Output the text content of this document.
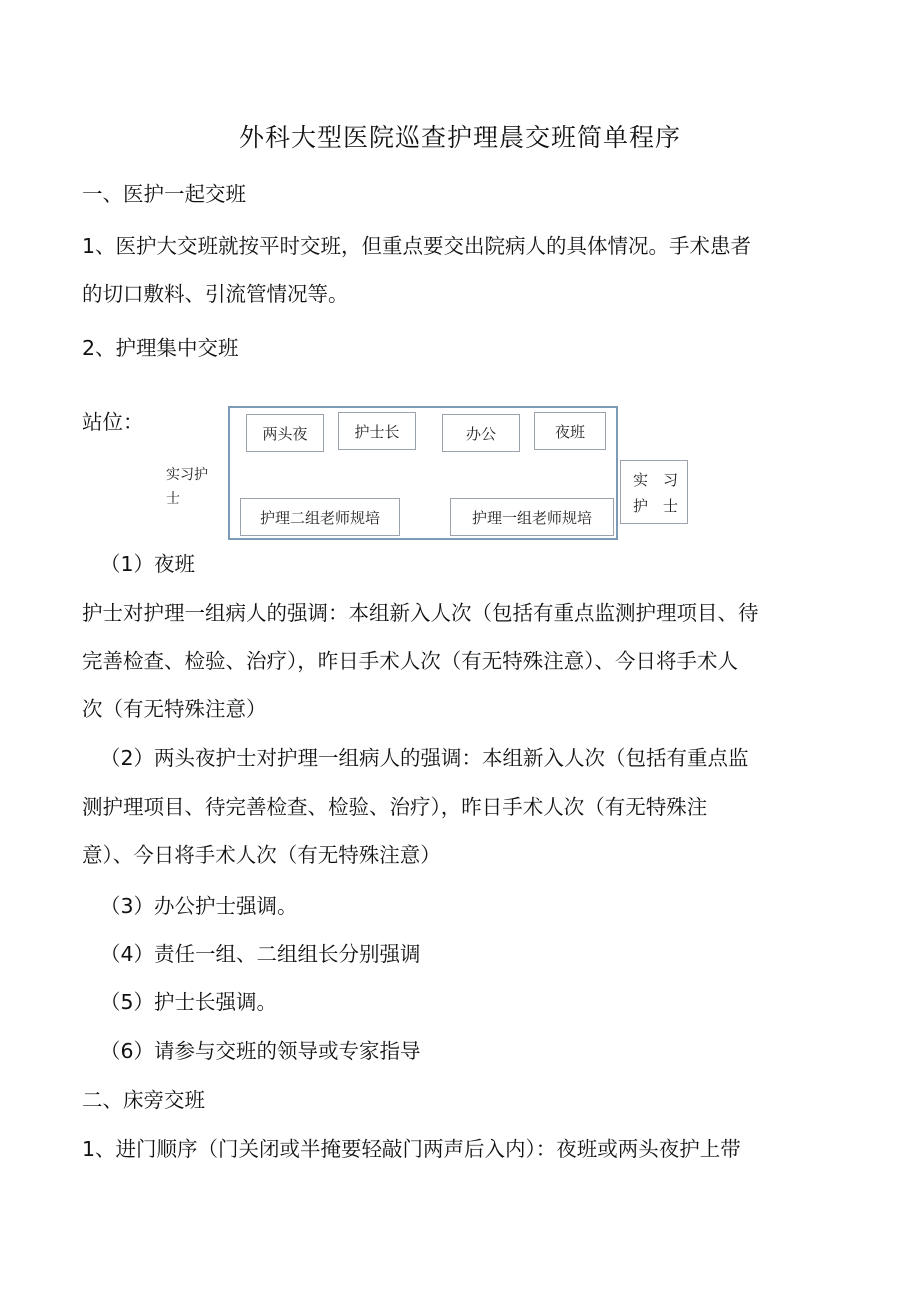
外科大型医院巡查护理晨交班简单程序
一、医护一起交班
1、医护大交班就按平时交班，但重点要交出院病人的具体情况。手术患者
的切口敷料、引流管情况等。
2、护理集中交班
站位：
实习护
士
两头夜	护士长	办公	夜班
护理二组老师规培	护理一组老师规培
实 习
护 士
（1）夜班
护士对护理一组病人的强调：本组新入人次（包括有重点监测护理项目、待
完善检查、检验、治疗），昨日手术人次（有无特殊注意）、今日将手术人
次（有无特殊注意）
（2）两头夜护士对护理一组病人的强调：本组新入人次（包括有重点监
测护理项目、待完善检查、检验、治疗），昨日手术人次（有无特殊注
意）、今日将手术人次（有无特殊注意）
（3）办公护士强调。
（4）责任一组、二组组长分别强调
（5）护士长强调。
（6）请参与交班的领导或专家指导
二、床旁交班
1、进门顺序（门关闭或半掩要轻敲门两声后入内）：夜班或两头夜护上带
